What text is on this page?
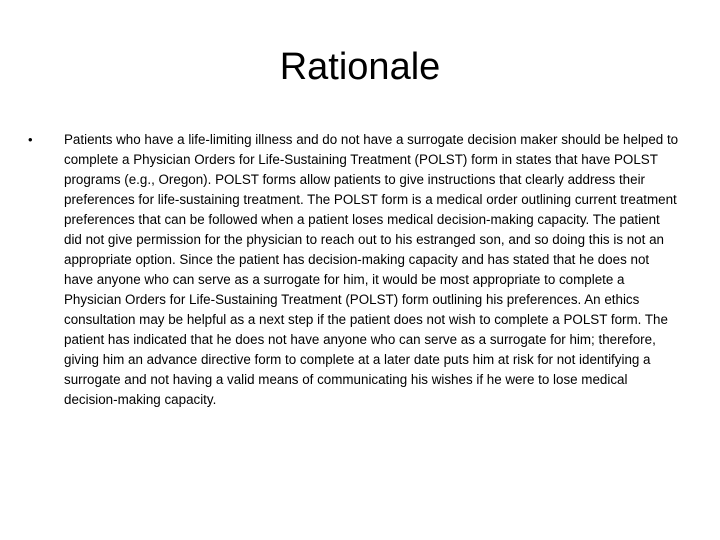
Rationale
•	Patients who have a life-limiting illness and do not have a surrogate decision maker should be helped to complete a Physician Orders for Life-Sustaining Treatment (POLST) form in states that have POLST programs (e.g., Oregon). POLST forms allow patients to give instructions that clearly address their preferences for life-sustaining treatment. The POLST form is a medical order outlining current treatment preferences that can be followed when a patient loses medical decision-making capacity. The patient did not give permission for the physician to reach out to his estranged son, and so doing this is not an appropriate option. Since the patient has decision-making capacity and has stated that he does not have anyone who can serve as a surrogate for him, it would be most appropriate to complete a Physician Orders for Life-Sustaining Treatment (POLST) form outlining his preferences. An ethics consultation may be helpful as a next step if the patient does not wish to complete a POLST form. The patient has indicated that he does not have anyone who can serve as a surrogate for him; therefore, giving him an advance directive form to complete at a later date puts him at risk for not identifying a surrogate and not having a valid means of communicating his wishes if he were to lose medical decision-making capacity.
